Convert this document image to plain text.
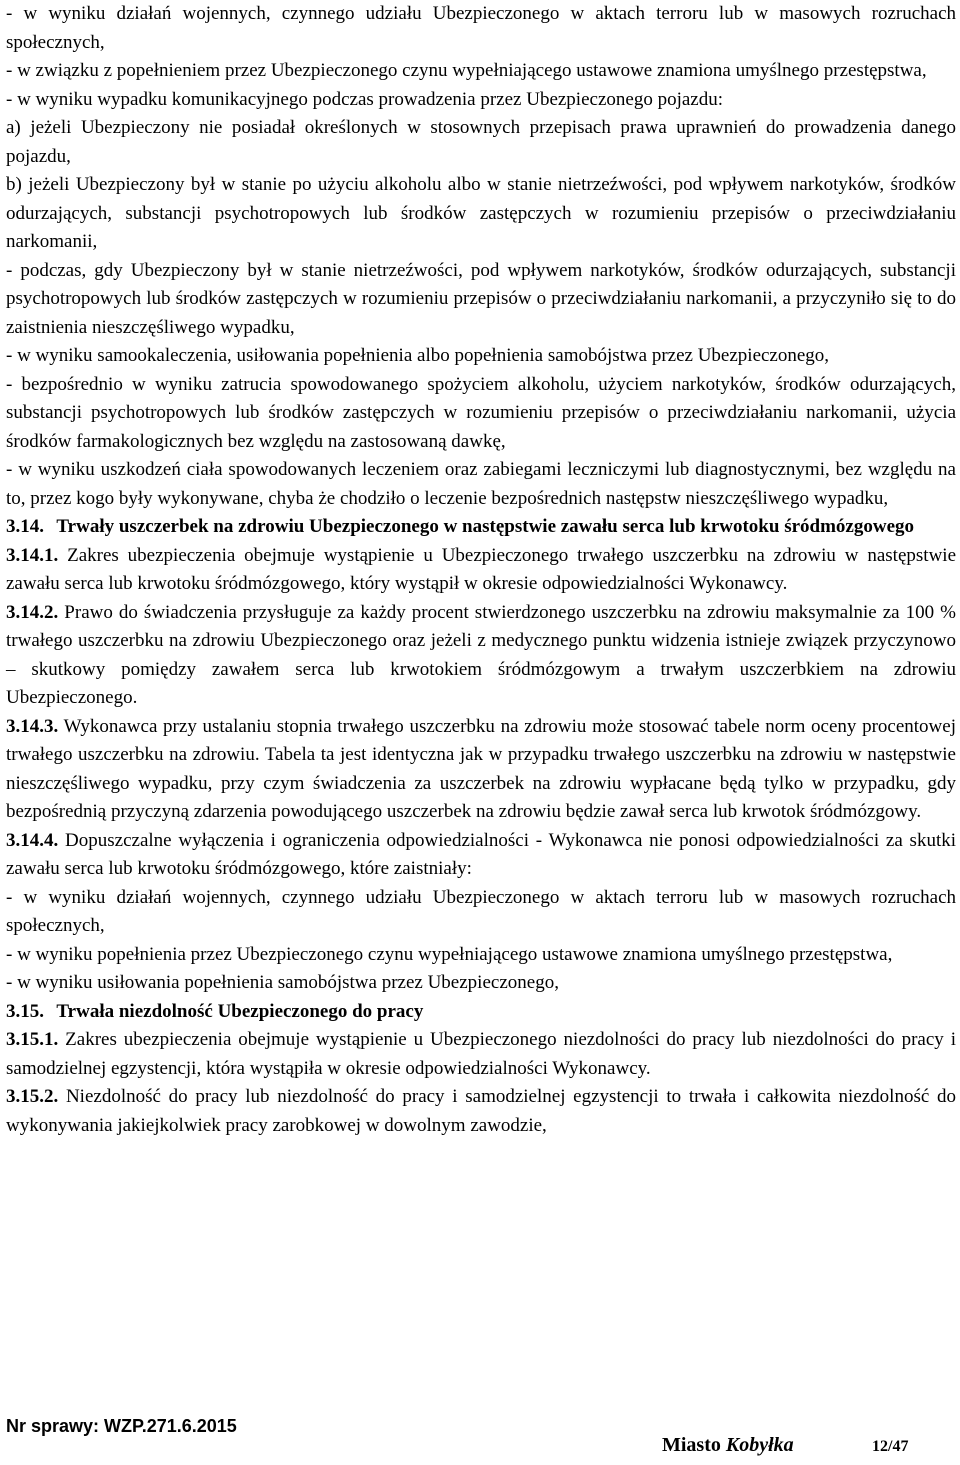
- w wyniku działań wojennych, czynnego udziału Ubezpieczonego w aktach terroru lub w masowych rozruchach społecznych,

- w związku z popełnieniem przez Ubezpieczonego czynu wypełniającego ustawowe znamiona umyślnego przestępstwa,

- w wyniku wypadku komunikacyjnego podczas prowadzenia przez Ubezpieczonego pojazdu:

a) jeżeli Ubezpieczony nie posiadał określonych w stosownych przepisach prawa uprawnień do prowadzenia danego pojazdu,

b) jeżeli Ubezpieczony był w stanie po użyciu alkoholu albo w stanie nietrzeźwości, pod wpływem narkotyków, środków odurzających, substancji psychotropowych lub środków zastępczych w rozumieniu przepisów o przeciwdziałaniu narkomanii,

- podczas, gdy Ubezpieczony był w stanie nietrzeźwości, pod wpływem narkotyków, środków odurzających, substancji psychotropowych lub środków zastępczych w rozumieniu przepisów o przeciwdziałaniu narkomanii, a przyczyniło się to do zaistnienia nieszczęśliwego wypadku,

- w wyniku samookaleczenia, usiłowania popełnienia albo popełnienia samobójstwa przez Ubezpieczonego,

- bezpośrednio w wyniku zatrucia spowodowanego spożyciem alkoholu, użyciem narkotyków, środków odurzających, substancji psychotropowych lub środków zastępczych w rozumieniu przepisów o przeciwdziałaniu narkomanii, użycia środków farmakologicznych bez względu na zastosowaną dawkę,

- w wyniku uszkodzeń ciała spowodowanych leczeniem oraz zabiegami leczniczymi lub diagnostycznymi, bez względu na to, przez kogo były wykonywane, chyba że chodziło o leczenie bezpośrednich następstw nieszczęśliwego wypadku,

3.14. Trwały uszczerbek na zdrowiu Ubezpieczonego w następstwie zawału serca lub krwotoku śródmózgowego

3.14.1. Zakres ubezpieczenia obejmuje wystąpienie u Ubezpieczonego trwałego uszczerbku na zdrowiu w następstwie zawału serca lub krwotoku śródmózgowego, który wystąpił w okresie odpowiedzialności Wykonawcy.

3.14.2. Prawo do świadczenia przysługuje za każdy procent stwierdzonego uszczerbku na zdrowiu maksymalnie za 100 % trwałego uszczerbku na zdrowiu Ubezpieczonego oraz jeżeli z medycznego punktu widzenia istnieje związek przyczynowo – skutkowy pomiędzy zawałem serca lub krwotokiem śródmózgowym a trwałym uszczerbkiem na zdrowiu Ubezpieczonego.

3.14.3. Wykonawca przy ustalaniu stopnia trwałego uszczerbku na zdrowiu może stosować tabele norm oceny procentowej trwałego uszczerbku na zdrowiu. Tabela ta jest identyczna jak w przypadku trwałego uszczerbku na zdrowiu w następstwie nieszczęśliwego wypadku, przy czym świadczenia za uszczerbek na zdrowiu wypłacane będą tylko w przypadku, gdy bezpośrednią przyczyną zdarzenia powodującego uszczerbek na zdrowiu będzie zawał serca lub krwotok śródmózgowy.

3.14.4. Dopuszczalne wyłączenia i ograniczenia odpowiedzialności - Wykonawca nie ponosi odpowiedzialności za skutki zawału serca lub krwotoku śródmózgowego, które zaistniały:

- w wyniku działań wojennych, czynnego udziału Ubezpieczonego w aktach terroru lub w masowych rozruchach społecznych,

- w wyniku popełnienia przez Ubezpieczonego czynu wypełniającego ustawowe znamiona umyślnego przestępstwa,

- w wyniku usiłowania popełnienia samobójstwa przez Ubezpieczonego,

3.15. Trwała niezdolność Ubezpieczonego do pracy

3.15.1. Zakres ubezpieczenia obejmuje wystąpienie u Ubezpieczonego niezdolności do pracy lub niezdolności do pracy i samodzielnej egzystencji, która wystąpiła w okresie odpowiedzialności Wykonawcy.

3.15.2. Niezdolność do pracy lub niezdolność do pracy i samodzielnej egzystencji to trwała i całkowita niezdolność do wykonywania jakiejkolwiek pracy zarobkowej w dowolnym zawodzie,

Nr sprawy: WZP.271.6.2015
Miasto Kobyłka	12/47
